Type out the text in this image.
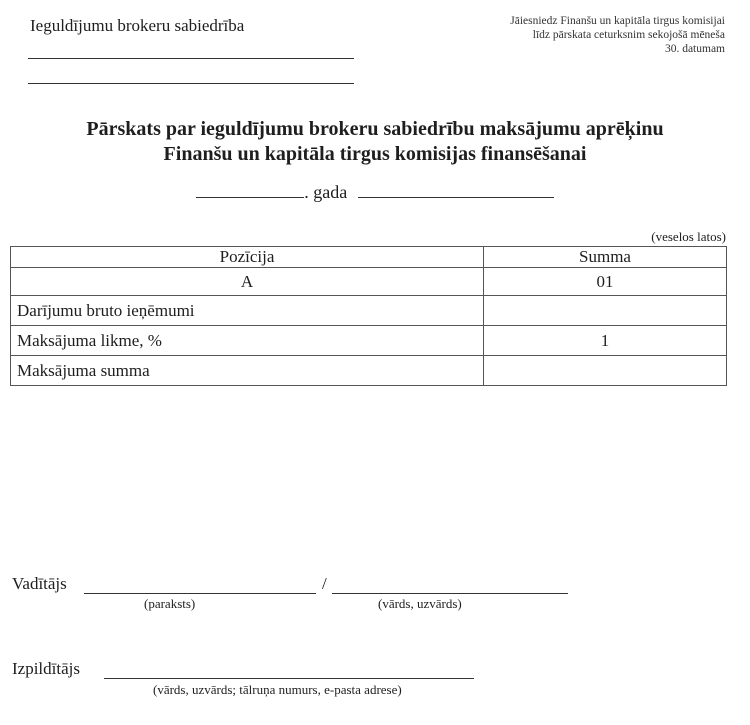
Ieguldījumu brokeru sabiedrība	Jāiesniedz Finanšu un kapitāla tirgus komisijai
līdz pārskata ceturksnim sekojošā mēneša
30. datumam
Pārskats par ieguldījumu brokeru sabiedrību maksājumu aprēķinu
Finanšu un kapitāla tirgus komisijas finansēšanai
. gada
(veselos latos)
Pozīcija	Summa
A	01
Darījumu bruto ieņēmumi	
Maksājuma likme, %	1
Maksājuma summa	
Vadītājs	/
(paraksts)	(vārds, uzvārds)
Izpildītājs
(vārds, uzvārds; tālruņa numurs, e-pasta adrese)
